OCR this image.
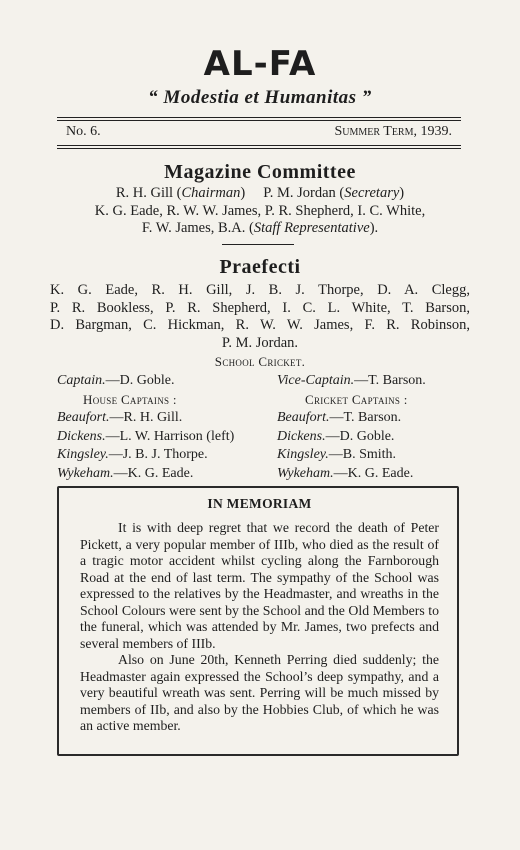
AL-FA
“ Modestia et Humanitas ”
No. 6.	Summer Term, 1939.
Magazine Committee
R. H. Gill (Chairman) P. M. Jordan (Secretary)
K. G. Eade, R. W. W. James, P. R. Shepherd, I. C. White,
F. W. James, B.A. (Staff Representative).
Praefecti
K. G. Eade, R. H. Gill, J. B. J. Thorpe, D. A. Clegg,
P. R. Bookless, P. R. Shepherd, I. C. L. White, T. Barson,
D. Bargman, C. Hickman, R. W. W. James, F. R. Robinson,
P. M. Jordan.
School Cricket.
Captain.—D. Goble.	Vice-Captain.—T. Barson.
House Captains :	Cricket Captains :
Beaufort.—R. H. Gill.	Beaufort.—T. Barson.
Dickens.—L. W. Harrison (left)	Dickens.—D. Goble.
Kingsley.—J. B. J. Thorpe.	Kingsley.—B. Smith.
Wykeham.—K. G. Eade.	Wykeham.—K. G. Eade.
IN MEMORIAM

It is with deep regret that we record the death of Peter Pickett, a very popular member of IIIb, who died as the result of a tragic motor accident whilst cycling along the Farnborough Road at the end of last term. The sympathy of the School was expressed to the relatives by the Headmaster, and wreaths in the School Colours were sent by the School and the Old Members to the funeral, which was attended by Mr. James, two prefects and several members of IIIb.

Also on June 20th, Kenneth Perring died suddenly; the Headmaster again expressed the School’s deep sympathy, and a very beautiful wreath was sent. Perring will be much missed by members of IIb, and also by the Hobbies Club, of which he was an active member.
